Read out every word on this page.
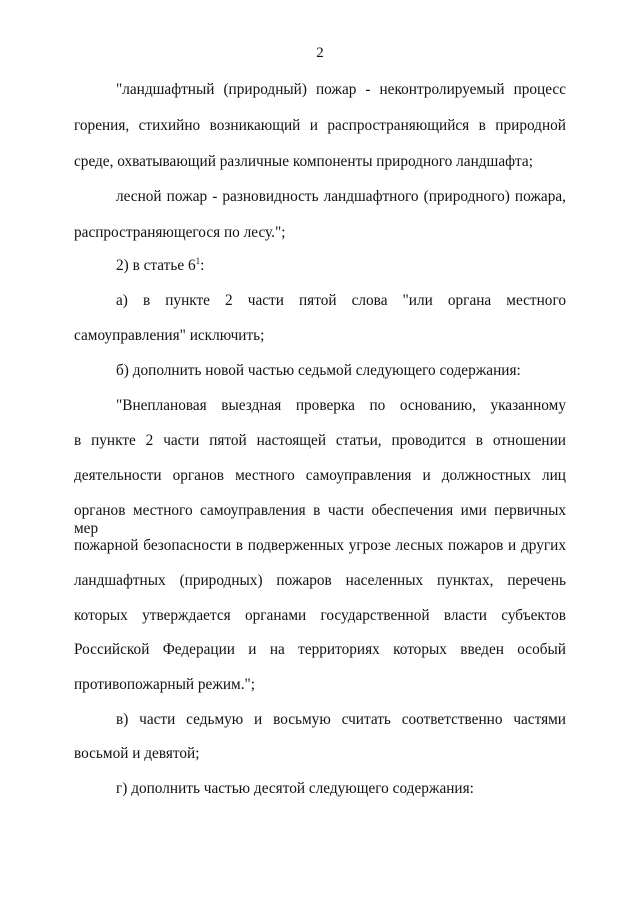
2
"ландшафтный (природный) пожар - неконтролируемый процесс
горения, стихийно возникающий и распространяющийся в природной
среде, охватывающий различные компоненты природного ландшафта;
лесной пожар - разновидность ландшафтного (природного) пожара,
распространяющегося по лесу.";
2) в статье $6^1$:
а) в пункте 2 части пятой слова "или органа местного
самоуправления" исключить;
б) дополнить новой частью седьмой следующего содержания:
"Внеплановая выездная проверка по основанию, указанному
в пункте 2 части пятой настоящей статьи, проводится в отношении
деятельности органов местного самоуправления и должностных лиц
органов местного самоуправления в части обеспечения ими первичных мер
пожарной безопасности в подверженных угрозе лесных пожаров и других
ландшафтных (природных) пожаров населенных пунктах, перечень
которых утверждается органами государственной власти субъектов
Российской Федерации и на территориях которых введен особый
противопожарный режим.";
в) части седьмую и восьмую считать соответственно частями
восьмой и девятой;
г) дополнить частью десятой следующего содержания:
